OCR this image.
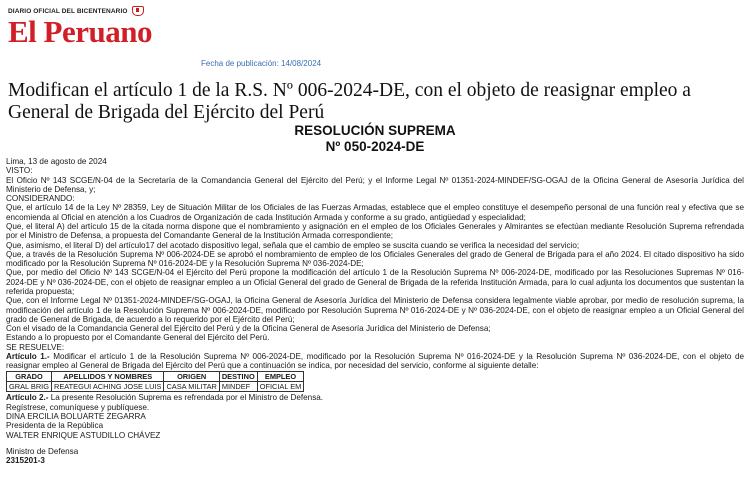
DIARIO OFICIAL DEL BICENTENARIO
El Peruano
Fecha de publicación: 14/08/2024
Modifican el artículo 1 de la R.S. Nº 006-2024-DE, con el objeto de reasignar empleo a General de Brigada del Ejército del Perú
RESOLUCIÓN SUPREMA
Nº 050-2024-DE

Lima, 13 de agosto de 2024

VISTO:

El Oficio Nº 143 SCGE/N-04 de la Secretaría de la Comandancia General del Ejército del Perú; y el Informe Legal Nº 01351-2024-MINDEF/SG-OGAJ de la Oficina General de Asesoría Jurídica del Ministerio de Defensa, y;

CONSIDERANDO:

Que, el artículo 14 de la Ley Nº 28359, Ley de Situación Militar de los Oficiales de las Fuerzas Armadas, establece que el empleo constituye el desempeño personal de una función real y efectiva que se encomienda al Oficial en atención a los Cuadros de Organización de cada Institución Armada y conforme a su grado, antigüedad y especialidad;

Que, el literal A) del artículo 15 de la citada norma dispone que el nombramiento y asignación en el empleo de los Oficiales Generales y Almirantes se efectúan mediante Resolución Suprema refrendada por el Ministro de Defensa, a propuesta del Comandante General de la Institución Armada correspondiente;

Que, asimismo, el literal D) del artículo17 del acotado dispositivo legal, señala que el cambio de empleo se suscita cuando se verifica la necesidad del servicio;

Que, a través de la Resolución Suprema Nº 006-2024-DE se aprobó el nombramiento de empleo de los Oficiales Generales del grado de General de Brigada para el año 2024. El citado dispositivo ha sido modificado por la Resolución Suprema Nº 016-2024-DE y la Resolución Suprema Nº 036-2024-DE;

Que, por medio del Oficio Nº 143 SCGE/N-04 el Ejército del Perú propone la modificación del artículo 1 de la Resolución Suprema Nº 006-2024-DE, modificado por las Resoluciones Supremas Nº 016-2024-DE y Nº 036-2024-DE, con el objeto de reasignar empleo a un Oficial General del grado de General de Brigada de la referida Institución Armada, para lo cual adjunta los documentos que sustentan la referida propuesta;

Que, con el Informe Legal Nº 01351-2024-MINDEF/SG-OGAJ, la Oficina General de Asesoría Jurídica del Ministerio de Defensa considera legalmente viable aprobar, por medio de resolución suprema, la modificación del artículo 1 de la Resolución Suprema Nº 006-2024-DE, modificado por Resolución Suprema Nº 016-2024-DE y Nº 036-2024-DE, con el objeto de reasignar empleo a un Oficial General del grado de General de Brigada, de acuerdo a lo requerido por el Ejército del Perú;

Con el visado de la Comandancia General del Ejército del Perú y de la Oficina General de Asesoría Jurídica del Ministerio de Defensa;

Estando a lo propuesto por el Comandante General del Ejército del Perú.

SE RESUELVE:

Artículo 1.- Modificar el artículo 1 de la Resolución Suprema Nº 006-2024-DE, modificado por la Resolución Suprema Nº 016-2024-DE y la Resolución Suprema Nº 036-2024-DE, con el objeto de reasignar empleo al General de Brigada del Ejército del Perú que a continuación se indica, por necesidad del servicio, conforme al siguiente detalle:

GRADO	APELLIDOS Y NOMBRES	ORIGEN	DESTINO	EMPLEO
GRAL BRIG	REATEGUI ACHING JOSE LUIS	CASA MILITAR	MINDEF	OFICIAL EM

Artículo 2.- La presente Resolución Suprema es refrendada por el Ministro de Defensa.

Regístrese, comuníquese y publíquese.

DINA ERCILIA BOLUARTE ZEGARRA

Presidenta de la República

WALTER ENRIQUE ASTUDILLO CHÁVEZ

Ministro de Defensa

2315201-3
